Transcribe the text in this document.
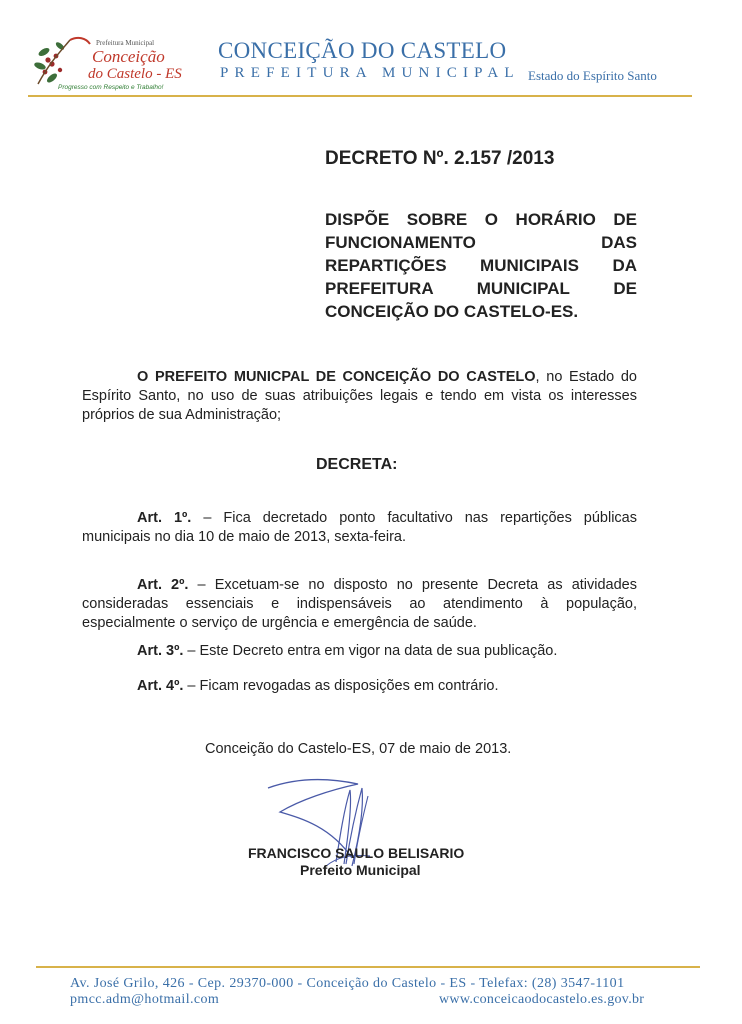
Prefeitura Municipal
Conceição
do Castelo - ES
Progresso com Respeito e Trabalho!
CONCEIÇÃO DO CASTELO
PREFEITURA MUNICIPAL Estado do Espírito Santo
DECRETO Nº. 2.157 /2013
DISPÕE SOBRE O HORÁRIO DE FUNCIONAMENTO DAS REPARTIÇÕES MUNICIPAIS DA PREFEITURA MUNICIPAL DE CONCEIÇÃO DO CASTELO-ES.
O PREFEITO MUNICPAL DE CONCEIÇÃO DO CASTELO, no Estado do Espírito Santo, no uso de suas atribuições legais e tendo em vista os interesses próprios de sua Administração;
DECRETA:
Art. 1º. – Fica decretado ponto facultativo nas repartições públicas municipais no dia 10 de maio de 2013, sexta-feira.
Art. 2º. – Excetuam-se no disposto no presente Decreta as atividades consideradas essenciais e indispensáveis ao atendimento à população, especialmente o serviço de urgência e emergência de saúde.
Art. 3º. – Este Decreto entra em vigor na data de sua publicação.
Art. 4º. – Ficam revogadas as disposições em contrário.
Conceição do Castelo-ES, 07 de maio de 2013.
FRANCISCO SAULO BELISARIO
Prefeito Municipal
Av. José Grilo, 426 - Cep. 29370-000 - Conceição do Castelo - ES - Telefax: (28) 3547-1101
pmcc.adm@hotmail.com	www.conceicaodocastelo.es.gov.br
